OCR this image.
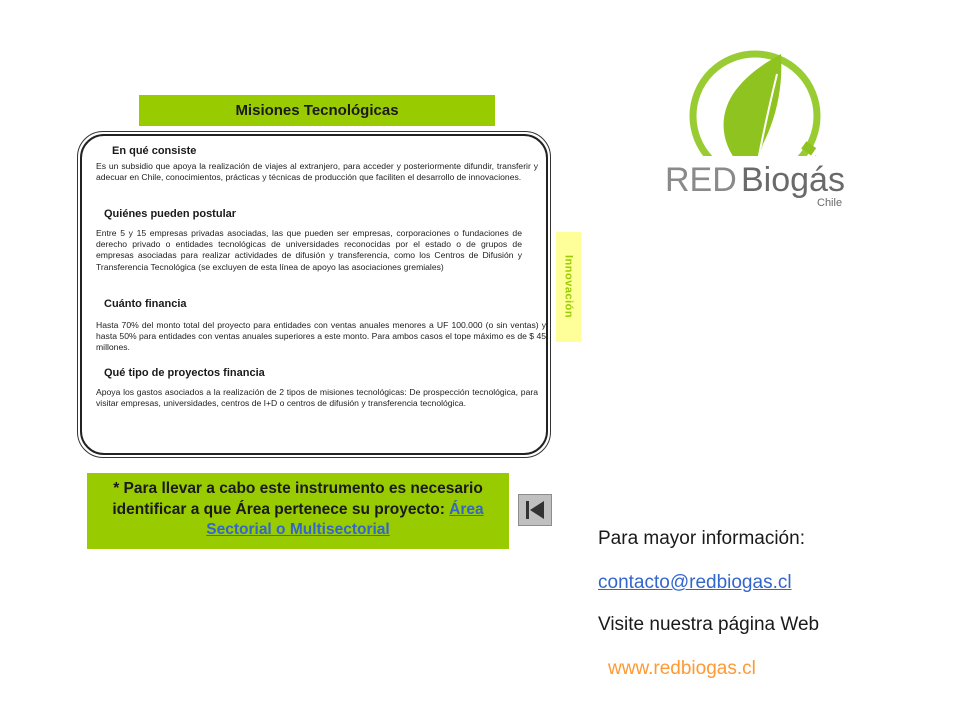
Misiones Tecnológicas
En qué consiste
Es un subsidio que apoya la realización de viajes al extranjero, para acceder y posteriormente difundir, transferir y adecuar en Chile, conocimientos, prácticas y técnicas de producción que faciliten el desarrollo de innovaciones.
Quiénes pueden postular
Entre 5 y 15 empresas privadas asociadas, las que pueden ser empresas, corporaciones o fundaciones de derecho privado o entidades tecnológicas de universidades reconocidas por el estado o de grupos de empresas asociadas para realizar actividades de difusión y transferencia, como los Centros de Difusión y Transferencia Tecnológica (se excluyen de esta línea de apoyo las asociaciones gremiales)
Cuánto financia
Hasta 70% del monto total del proyecto para entidades con ventas anuales menores a UF 100.000 (o sin ventas) y hasta 50% para entidades con ventas anuales superiores a este monto. Para ambos casos el tope máximo es de $ 45 millones.
Qué tipo de proyectos financia
Apoya los gastos asociados a la realización de 2 tipos de misiones tecnológicas: De prospección tecnológica, para visitar empresas, universidades, centros de I+D o centros de difusión y transferencia tecnológica.
Innovación
* Para llevar a cabo este instrumento es necesario identificar a que Área pertenece su proyecto: Área Sectorial o Multisectorial
RED Biogás
Chile
Para mayor información:
contacto@redbiogas.cl
Visite nuestra página Web
www.redbiogas.cl
